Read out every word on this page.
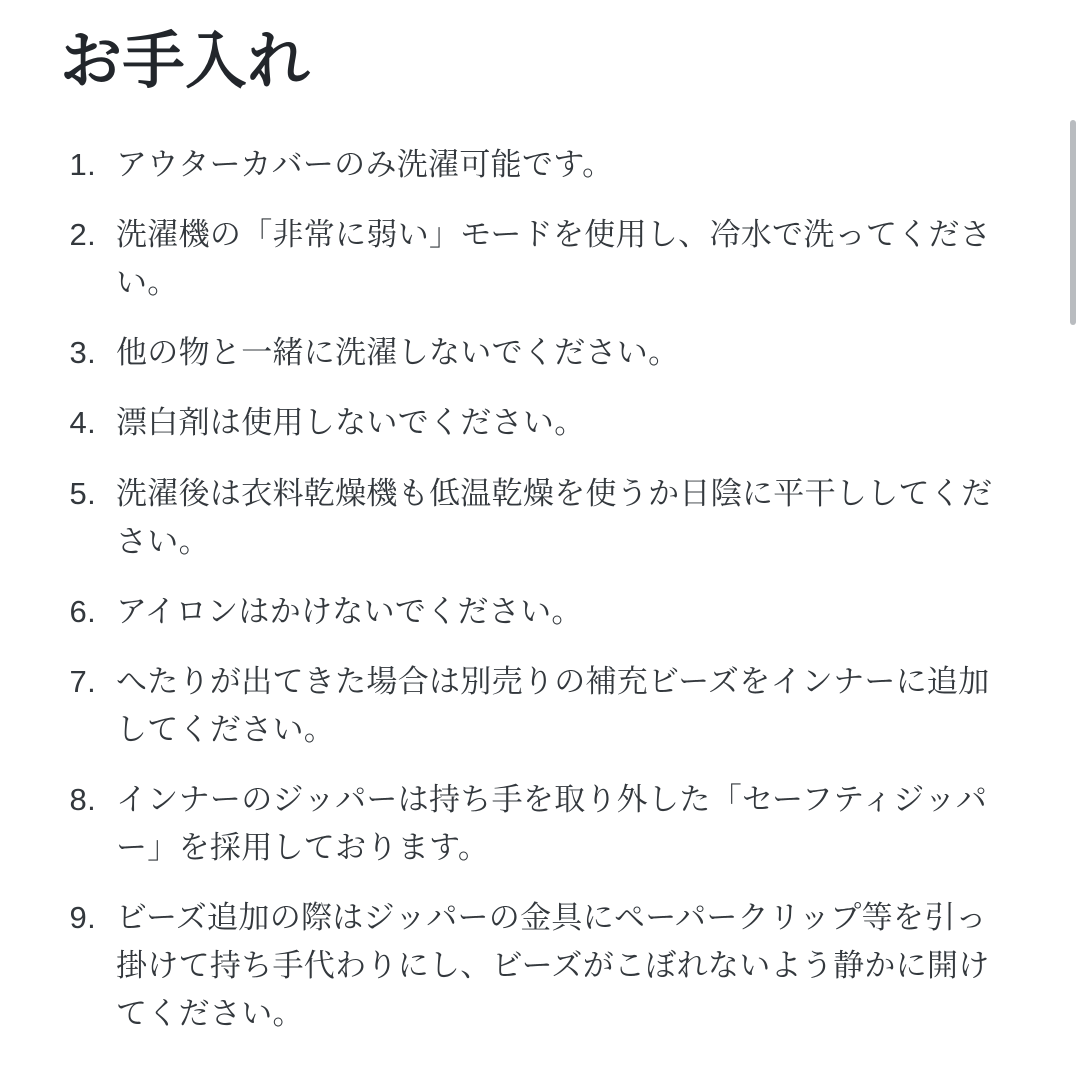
お手入れ
1. アウターカバーのみ洗濯可能です。
2. 洗濯機の「非常に弱い」モードを使用し、冷水で洗ってください。
3. 他の物と一緒に洗濯しないでください。
4. 漂白剤は使用しないでください。
5. 洗濯後は衣料乾燥機も低温乾燥を使うか日陰に平干ししてください。
6. アイロンはかけないでください。
7. へたりが出てきた場合は別売りの補充ビーズをインナーに追加してください。
8. インナーのジッパーは持ち手を取り外した「セーフティジッパー」を採用しております。
9. ビーズ追加の際はジッパーの金具にペーパークリップ等を引っ掛けて持ち手代わりにし、ビーズがこぼれないよう静かに開けてください。
